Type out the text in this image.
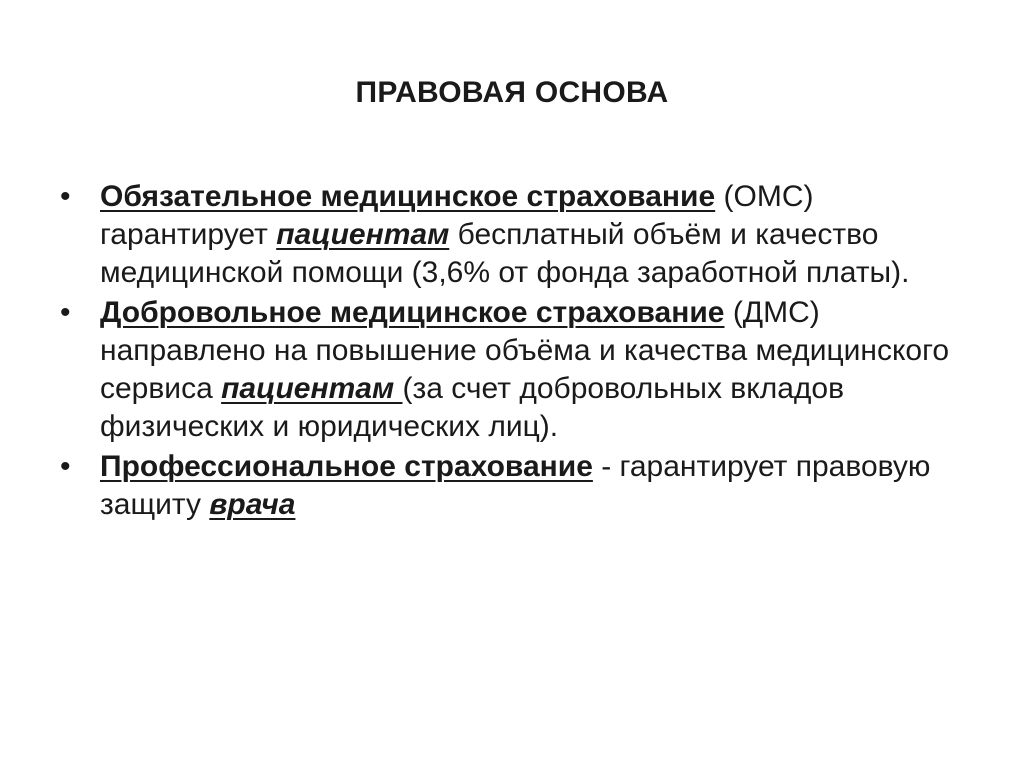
ПРАВОВАЯ ОСНОВА
• Обязательное медицинское страхование (ОМС) гарантирует пациентам бесплатный объём и качество медицинской помощи (3,6% от фонда заработной платы).
• Добровольное медицинское страхование (ДМС) направлено на повышение объёма и качества медицинского сервиса пациентам (за счет добровольных вкладов физических и юридических лиц).
• Профессиональное страхование - гарантирует правовую защиту врача
